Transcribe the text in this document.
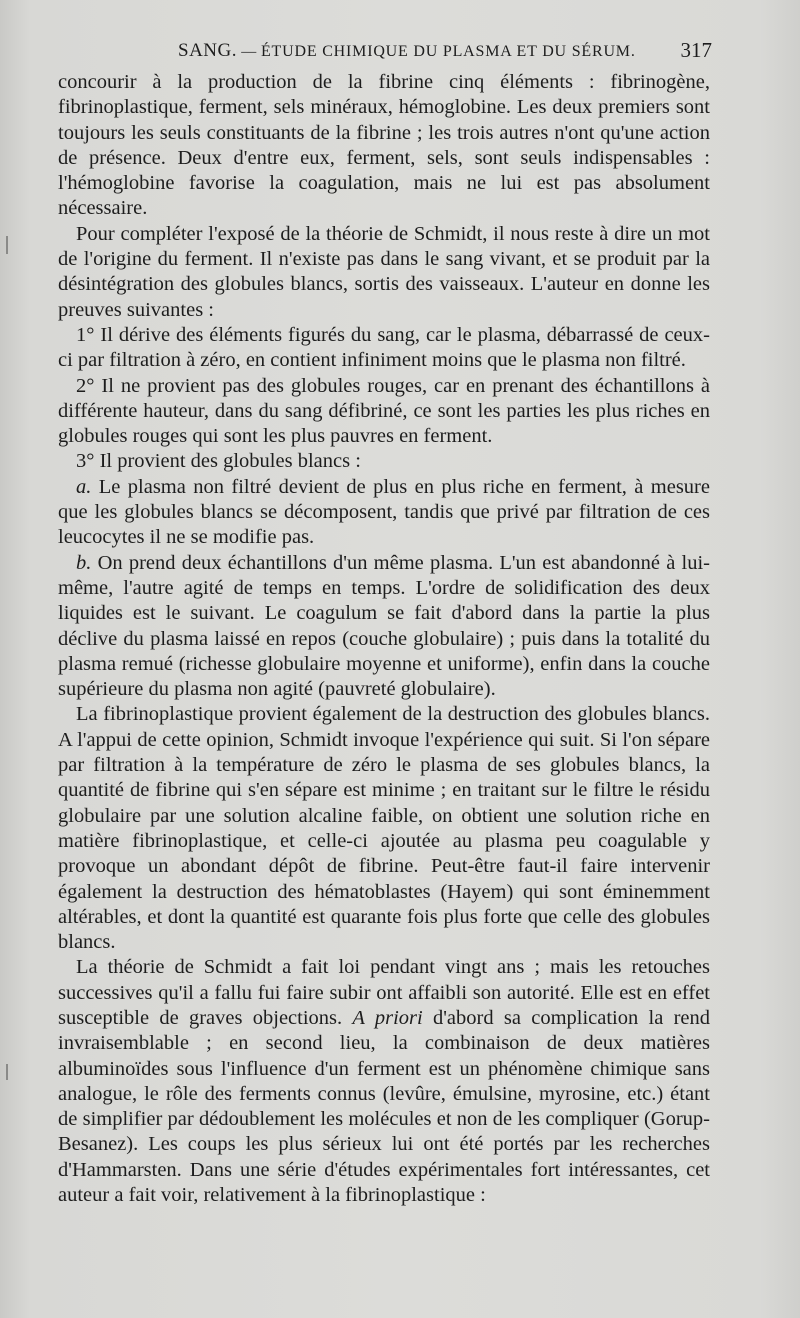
SANG. — ÉTUDE CHIMIQUE DU PLASMA ET DU SÉRUM. 317

concourir à la production de la fibrine cinq éléments : fibrinogène, fibrinoplastique, ferment, sels minéraux, hémoglobine. Les deux premiers sont toujours les seuls constituants de la fibrine ; les trois autres n'ont qu'une action de présence. Deux d'entre eux, ferment, sels, sont seuls indispensables : l'hémoglobine favorise la coagulation, mais ne lui est pas absolument nécessaire.

Pour compléter l'exposé de la théorie de Schmidt, il nous reste à dire un mot de l'origine du ferment. Il n'existe pas dans le sang vivant, et se produit par la désintégration des globules blancs, sortis des vaisseaux. L'auteur en donne les preuves suivantes :

1° Il dérive des éléments figurés du sang, car le plasma, débarrassé de ceux-ci par filtration à zéro, en contient infiniment moins que le plasma non filtré.

2° Il ne provient pas des globules rouges, car en prenant des échantillons à différente hauteur, dans du sang défibriné, ce sont les parties les plus riches en globules rouges qui sont les plus pauvres en ferment.

3° Il provient des globules blancs :

a. Le plasma non filtré devient de plus en plus riche en ferment, à mesure que les globules blancs se décomposent, tandis que privé par filtration de ces leucocytes il ne se modifie pas.

b. On prend deux échantillons d'un même plasma. L'un est abandonné à lui-même, l'autre agité de temps en temps. L'ordre de solidification des deux liquides est le suivant. Le coagulum se fait d'abord dans la partie la plus déclive du plasma laissé en repos (couche globulaire) ; puis dans la totalité du plasma remué (richesse globulaire moyenne et uniforme), enfin dans la couche supérieure du plasma non agité (pauvreté globulaire).

La fibrinoplastique provient également de la destruction des globules blancs. A l'appui de cette opinion, Schmidt invoque l'expérience qui suit. Si l'on sépare par filtration à la température de zéro le plasma de ses globules blancs, la quantité de fibrine qui s'en sépare est minime ; en traitant sur le filtre le résidu globulaire par une solution alcaline faible, on obtient une solution riche en matière fibrinoplastique, et celle-ci ajoutée au plasma peu coagulable y provoque un abondant dépôt de fibrine. Peut-être faut-il faire intervenir également la destruction des hématoblastes (Hayem) qui sont éminemment altérables, et dont la quantité est quarante fois plus forte que celle des globules blancs.

La théorie de Schmidt a fait loi pendant vingt ans ; mais les retouches successives qu'il a fallu fui faire subir ont affaibli son autorité. Elle est en effet susceptible de graves objections. A priori d'abord sa complication la rend invraisemblable ; en second lieu, la combinaison de deux matières albuminoïdes sous l'influence d'un ferment est un phénomène chimique sans analogue, le rôle des ferments connus (levûre, émulsine, myrosine, etc.) étant de simplifier par dédoublement les molécules et non de les compliquer (Gorup-Besanez). Les coups les plus sérieux lui ont été portés par les recherches d'Hammarsten. Dans une série d'études expérimentales fort intéressantes, cet auteur a fait voir, relativement à la fibrinoplastique :
